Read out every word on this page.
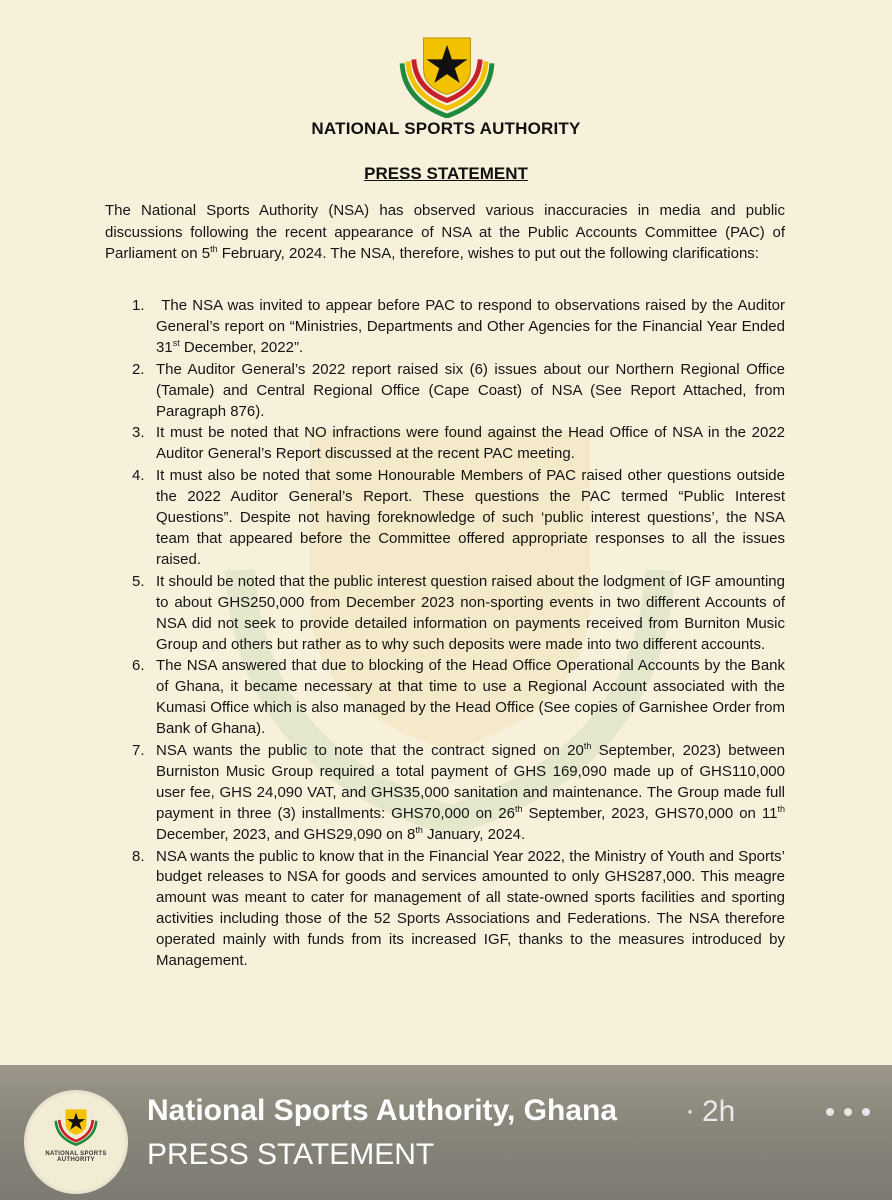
NATIONAL SPORTS AUTHORITY
PRESS STATEMENT

The National Sports Authority (NSA) has observed various inaccuracies in media and public discussions following the recent appearance of NSA at the Public Accounts Committee (PAC) of Parliament on 5th February, 2024. The NSA, therefore, wishes to put out the following clarifications:

1. The NSA was invited to appear before PAC to respond to observations raised by the Auditor General’s report on “Ministries, Departments and Other Agencies for the Financial Year Ended 31st December, 2022”.
2. The Auditor General’s 2022 report raised six (6) issues about our Northern Regional Office (Tamale) and Central Regional Office (Cape Coast) of NSA (See Report Attached, from Paragraph 876).
3. It must be noted that NO infractions were found against the Head Office of NSA in the 2022 Auditor General’s Report discussed at the recent PAC meeting.
4. It must also be noted that some Honourable Members of PAC raised other questions outside the 2022 Auditor General’s Report. These questions the PAC termed “Public Interest Questions”. Despite not having foreknowledge of such ‘public interest questions’, the NSA team that appeared before the Committee offered appropriate responses to all the issues raised.
5. It should be noted that the public interest question raised about the lodgment of IGF amounting to about GHS250,000 from December 2023 non-sporting events in two different Accounts of NSA did not seek to provide detailed information on payments received from Burniton Music Group and others but rather as to why such deposits were made into two different accounts.
6. The NSA answered that due to blocking of the Head Office Operational Accounts by the Bank of Ghana, it became necessary at that time to use a Regional Account associated with the Kumasi Office which is also managed by the Head Office (See copies of Garnishee Order from Bank of Ghana).
7. NSA wants the public to note that the contract signed on 20th September, 2023) between Burniston Music Group required a total payment of GHS 169,090 made up of GHS110,000 user fee, GHS 24,090 VAT, and GHS35,000 sanitation and maintenance. The Group made full payment in three (3) installments: GHS70,000 on 26th September, 2023, GHS70,000 on 11th December, 2023, and GHS29,090 on 8th January, 2024.
8. NSA wants the public to know that in the Financial Year 2022, the Ministry of Youth and Sports’ budget releases to NSA for goods and services amounted to only GHS287,000. This meagre amount was meant to cater for management of all state-owned sports facilities and sporting activities including those of the 52 Sports Associations and Federations. The NSA therefore operated mainly with funds from its increased IGF, thanks to the measures introduced by Management.
NATIONAL SPORTS AUTHORITY
National Sports Authority, Ghana · 2h
PRESS STATEMENT
